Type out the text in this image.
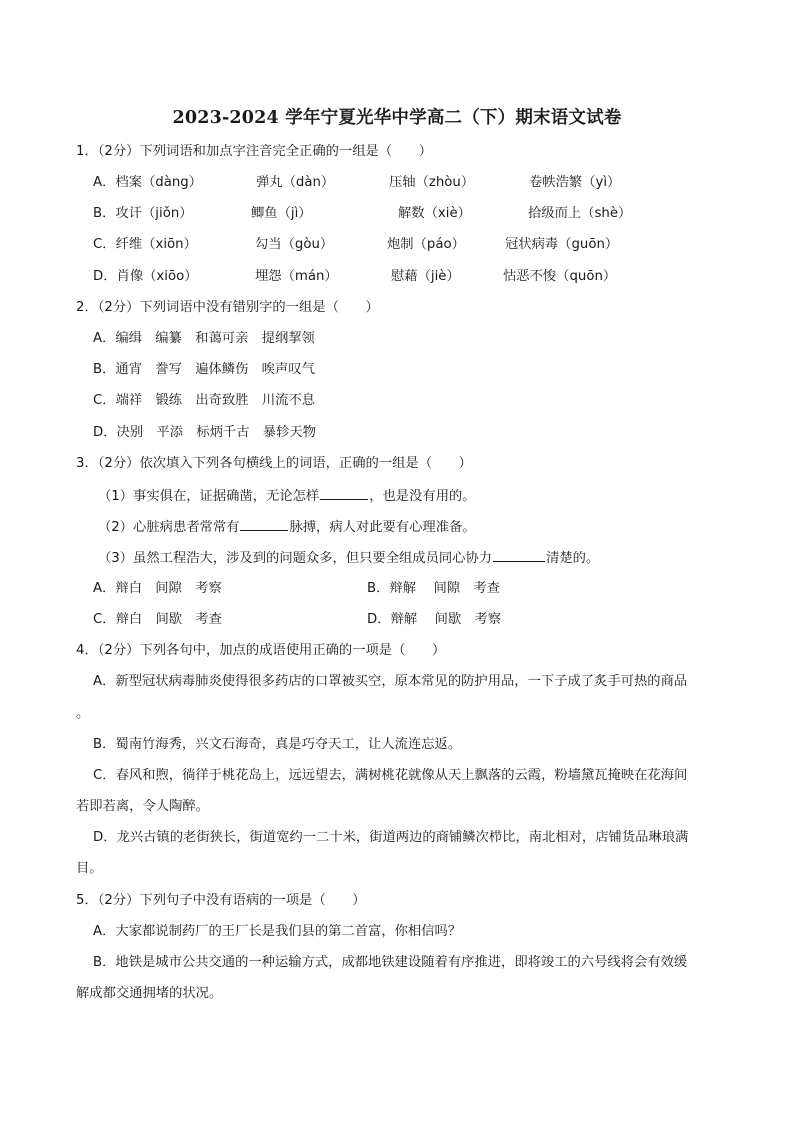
2023-2024 学年宁夏光华中学高二（下）期末语文试卷
1．（2分）下列词语和加点字注音完全正确的一组是（　　）
A．档案（dàng）	弹丸（dàn）	压轴（zhòu）	卷帙浩繁（yì）
B．攻讦（jiǒn）	鲫鱼（jì）	解数（xiè）	拾级而上（shè）
C．纤维（xiōn）	勾当（gòu）	炮制（páo）	冠状病毒（guōn）
D．肖像（xiōo）	埋怨（mán）	慰藉（jiè）	怙恶不悛（quōn）
2．（2分）下列词语中没有错别字的一组是（　　）
A．编缉　编纂　和蔼可亲　提纲挈领
B．通宵　誊写　遍体鳞伤　唉声叹气
C．端祥　锻练　出奇致胜　川流不息
D．决别　平添　标炳千古　暴轸天物
3．（2分）依次填入下列各句横线上的词语，正确的一组是（　　）
（1）事实俱在，证据确凿，无论怎样	，也是没有用的。
（2）心脏病患者常常有	脉搏，病人对此要有心理准备。
（3）虽然工程浩大，涉及到的问题众多，但只要全组成员同心协力	清楚的。
A．辩白　间隙　考察	B．辩解　 间隙　考查
C．辩白　间歇　考查	D．辩解　 间歇　考察
4．（2分）下列各句中，加点的成语使用正确的一项是（　　）
A．新型冠状病毒肺炎使得很多药店的口罩被买空，原本常见的防护用品，一下子成了炙手可热的商品
。
B．蜀南竹海秀，兴文石海奇，真是巧夺天工，让人流连忘返。
C．春风和煦，徜徉于桃花岛上，远远望去，满树桃花就像从天上飘落的云霞，粉墙黛瓦掩映在花海间
若即若离，令人陶醉。
D．龙兴古镇的老街狭长，街道宽约一二十米，街道两边的商铺鳞次栉比，南北相对，店铺货品琳琅满
目。
5．（2分）下列句子中没有语病的一项是（　　）
A．大家都说制药厂的王厂长是我们县的第二首富，你相信吗？
B．地铁是城市公共交通的一种运输方式，成都地铁建设随着有序推进，即将竣工的六号线将会有效缓
解成都交通拥堵的状况。
